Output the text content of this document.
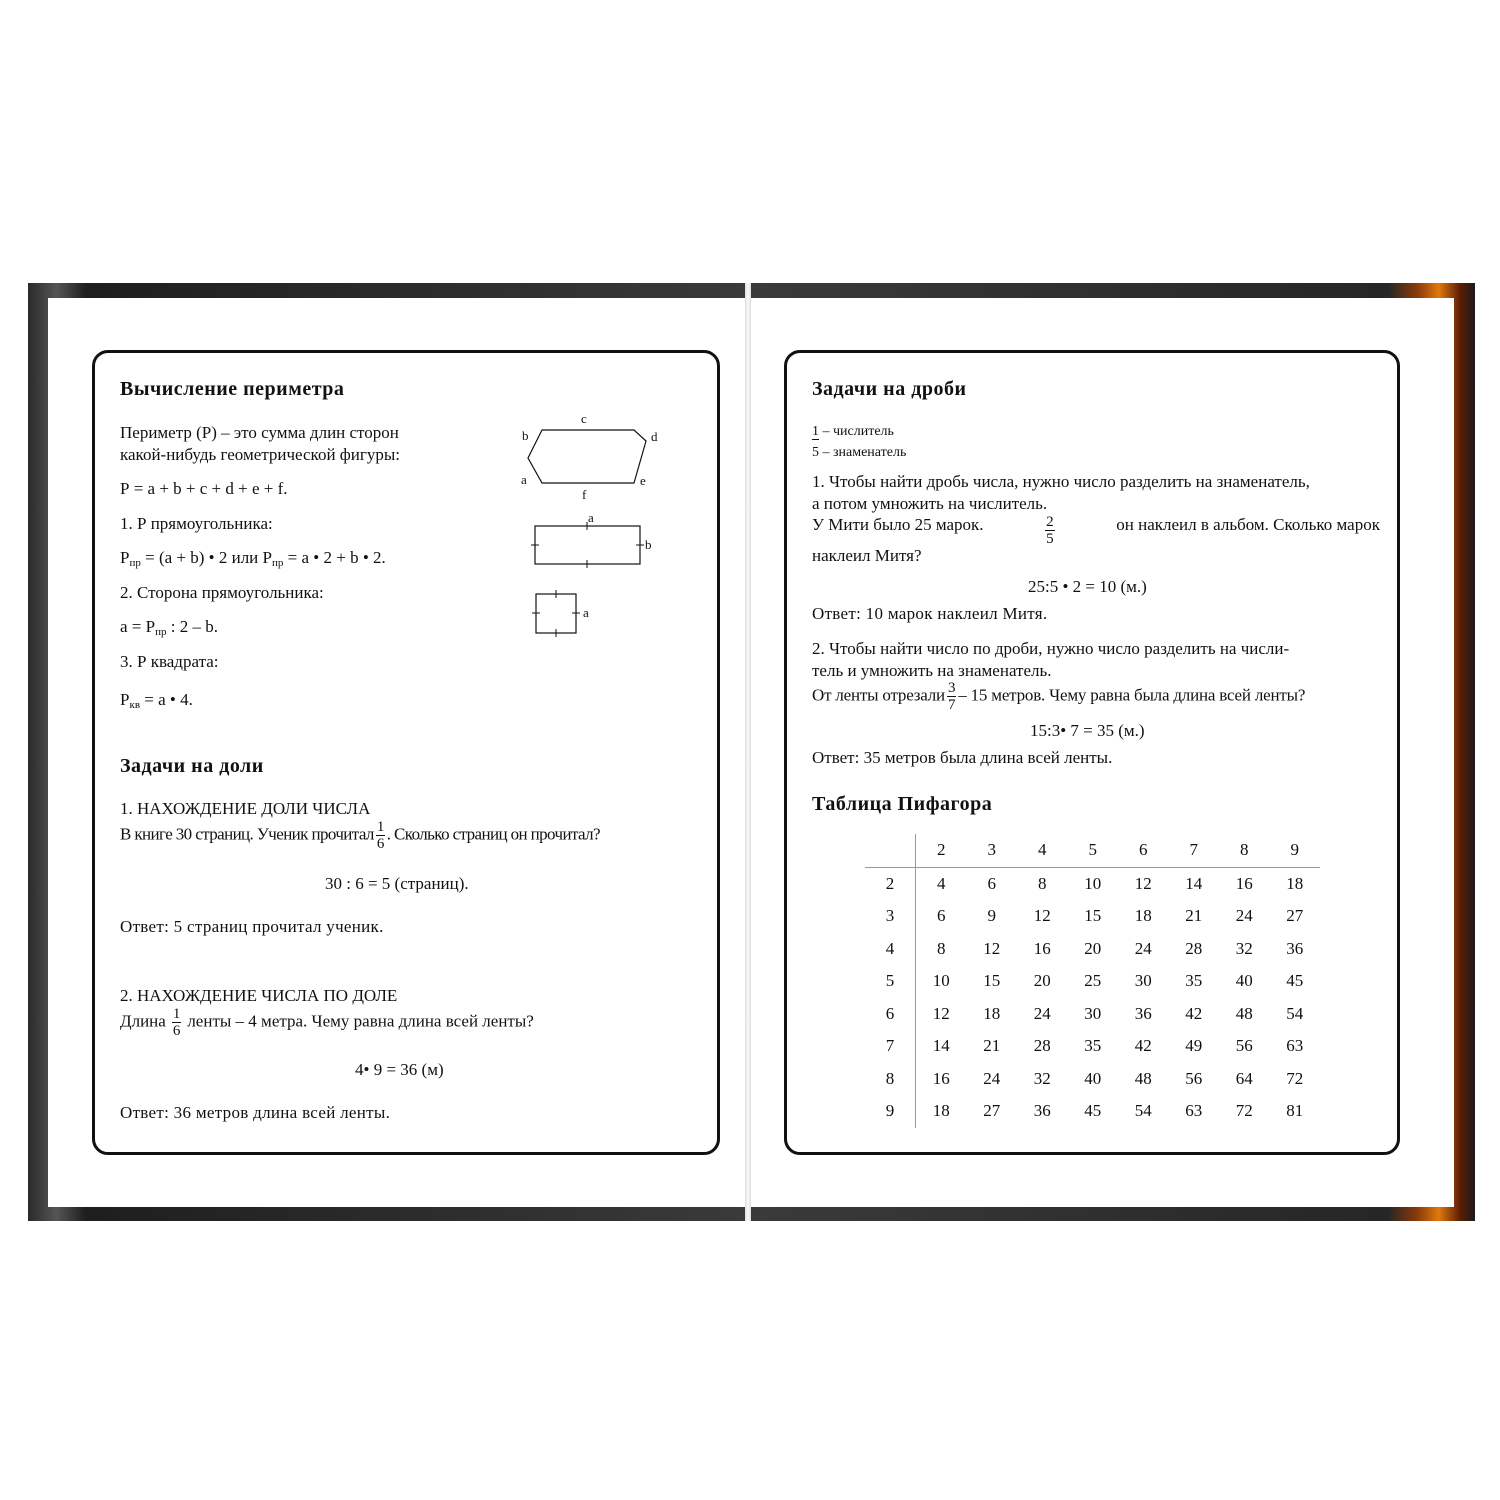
Вычисление периметра
Периметр (Р) – это сумма длин сторон
какой-нибудь геометрической фигуры:
Р = a + b + c + d + e + f.
1. Р прямоугольника:
$P_{пр} = (a + b)$ • 2 или $P_{пр} = a$ • 2 + b • 2.
2. Сторона прямоугольника:
$a = P_{пр}$ : 2 – b.
3. Р квадрата:
$P_{кв} = a$ • 4.
c
b	d
a	e
f
a
b
a
Задачи на доли
1. НАХОЖДЕНИЕ ДОЛИ ЧИСЛА
В книге 30 страниц. Ученик прочитал $\frac{1}{6}$ . Сколько страниц он прочитал?
30 : 6 = 5 (страниц).
Ответ: 5 страниц прочитал ученик.
2. НАХОЖДЕНИЕ ЧИСЛА ПО ДОЛЕ
Длина $\frac{1}{6}$ ленты – 4 метра. Чему равна длина всей ленты?
4• 9 = 36 (м)
Ответ: 36 метров длина всей ленты.
Задачи на дроби
1 – числитель
5 – знаменатель
1. Чтобы найти дробь числа, нужно число разделить на знаменатель,
а потом умножить на числитель.
У Мити было 25 марок.	$\frac{2}{5}$	он наклеил в альбом. Сколько марок
наклеил Митя?
25:5 • 2 = 10 (м.)
Ответ: 10 марок наклеил Митя.
2. Чтобы найти число по дроби, нужно число разделить на числи-
тель и умножить на знаменатель.
От ленты отрезали $\frac{3}{7} - 15$ метров. Чему равна была длина всей ленты?
15:3• 7 = 35 (м.)
Ответ: 35 метров была длина всей ленты.
Таблица Пифагора
	2	3	4	5	6	7	8	9
2	4	6	8	10	12	14	16	18
3	6	9	12	15	18	21	24	27
4	8	12	16	20	24	28	32	36
5	10	15	20	25	30	35	40	45
6	12	18	24	30	36	42	48	54
7	14	21	28	35	42	49	56	63
8	16	24	32	40	48	56	64	72
9	18	27	36	45	54	63	72	81
